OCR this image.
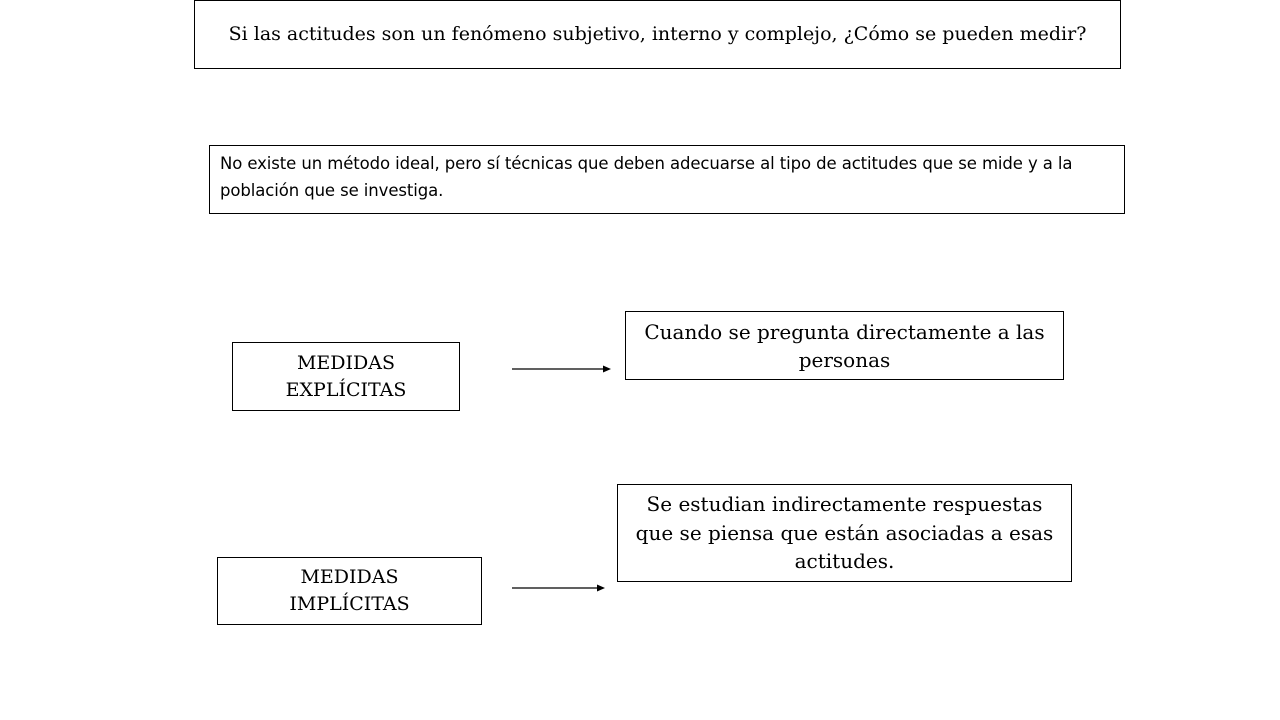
Si las actitudes son un fenómeno subjetivo, interno y complejo, ¿Cómo se pueden medir?
No existe un método ideal, pero sí técnicas que deben adecuarse al tipo de actitudes que se mide y a la población que se investiga.
MEDIDAS EXPLÍCITAS
Cuando se pregunta directamente a las personas
Se estudian indirectamente respuestas que se piensa que están asociadas a esas actitudes.
MEDIDAS IMPLÍCITAS
